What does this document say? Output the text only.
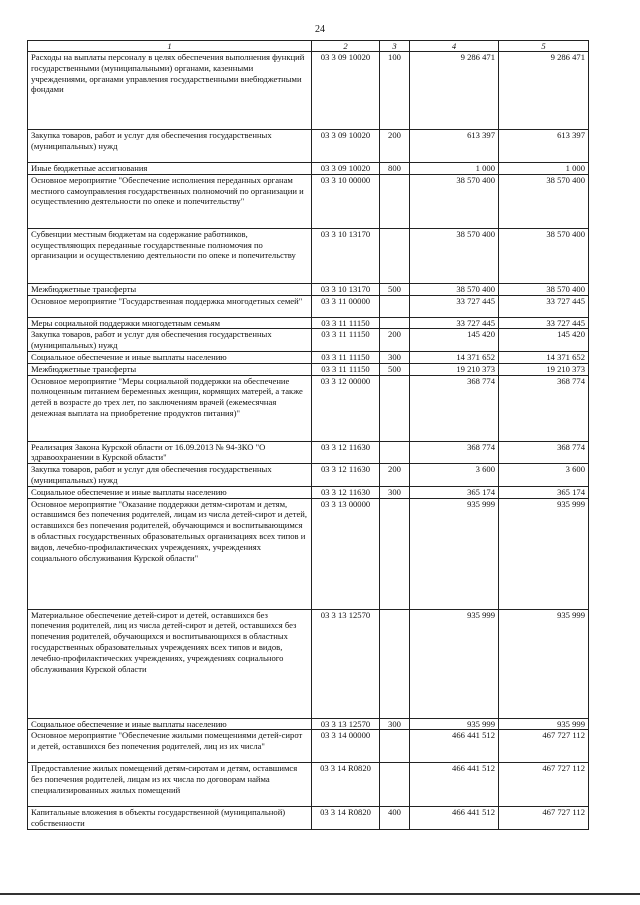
24
1	2	3	4	5
Расходы на выплаты персоналу в целях обеспечения выполнения функций государственными (муниципальными) органами, казенными учреждениями, органами управления государственными внебюджетными фондами	03 3 09 10020	100	9 286 471	9 286 471
Закупка товаров, работ и услуг для обеспечения государственных (муниципальных) нужд	03 3 09 10020	200	613 397	613 397
Иные бюджетные ассигнования	03 3 09 10020	800	1 000	1 000
Основное мероприятие "Обеспечение исполнения переданных органам местного самоуправления государственных полномочий по организации и осуществлению деятельности по опеке и попечительству"	03 3 10 00000		38 570 400	38 570 400
Субвенции местным бюджетам на содержание работников, осуществляющих переданные государственные полномочия по организации и осуществлению деятельности по опеке и попечительству	03 3 10 13170		38 570 400	38 570 400
Межбюджетные трансферты	03 3 10 13170	500	38 570 400	38 570 400
Основное мероприятие "Государственная поддержка многодетных семей"	03 3 11 00000		33 727 445	33 727 445
Меры социальной поддержки многодетным семьям	03 3 11 11150		33 727 445	33 727 445
Закупка товаров, работ и услуг для обеспечения государственных (муниципальных) нужд	03 3 11 11150	200	145 420	145 420
Социальное обеспечение и иные выплаты населению	03 3 11 11150	300	14 371 652	14 371 652
Межбюджетные трансферты	03 3 11 11150	500	19 210 373	19 210 373
Основное мероприятие "Меры социальной поддержки на обеспечение полноценным питанием беременных женщин, кормящих матерей, а также детей в возрасте до трех лет, по заключениям врачей (ежемесячная денежная выплата на приобретение продуктов питания)"	03 3 12 00000		368 774	368 774
Реализация Закона Курской области от 16.09.2013 № 94-ЗКО "О здравоохранении в Курской области"	03 3 12 11630		368 774	368 774
Закупка товаров, работ и услуг для обеспечения государственных (муниципальных) нужд	03 3 12 11630	200	3 600	3 600
Социальное обеспечение и иные выплаты населению	03 3 12 11630	300	365 174	365 174
Основное мероприятие "Оказание поддержки детям-сиротам и детям, оставшимся без попечения родителей, лицам из числа детей-сирот и детей, оставшихся без попечения родителей, обучающимся и воспитывающимся в областных государственных образовательных организациях всех типов и видов, лечебно-профилактических учреждениях, учреждениях социального обслуживания Курской области"	03 3 13 00000		935 999	935 999
Материальное обеспечение детей-сирот и детей, оставшихся без попечения родителей, лиц из числа детей-сирот и детей, оставшихся без попечения родителей, обучающихся и воспитывающихся в областных государственных образовательных учреждениях всех типов и видов, лечебно-профилактических учреждениях, учреждениях социального обслуживания Курской области	03 3 13 12570		935 999	935 999
Социальное обеспечение и иные выплаты населению	03 3 13 12570	300	935 999	935 999
Основное мероприятие "Обеспечение жилыми помещениями детей-сирот и детей, оставшихся без попечения родителей, лиц из их числа"	03 3 14 00000		466 441 512	467 727 112
Предоставление жилых помещений детям-сиротам и детям, оставшимся без попечения родителей, лицам из их числа по договорам найма специализированных жилых помещений	03 3 14 R0820		466 441 512	467 727 112
Капитальные вложения в объекты государственной (муниципальной) собственности	03 3 14 R0820	400	466 441 512	467 727 112
